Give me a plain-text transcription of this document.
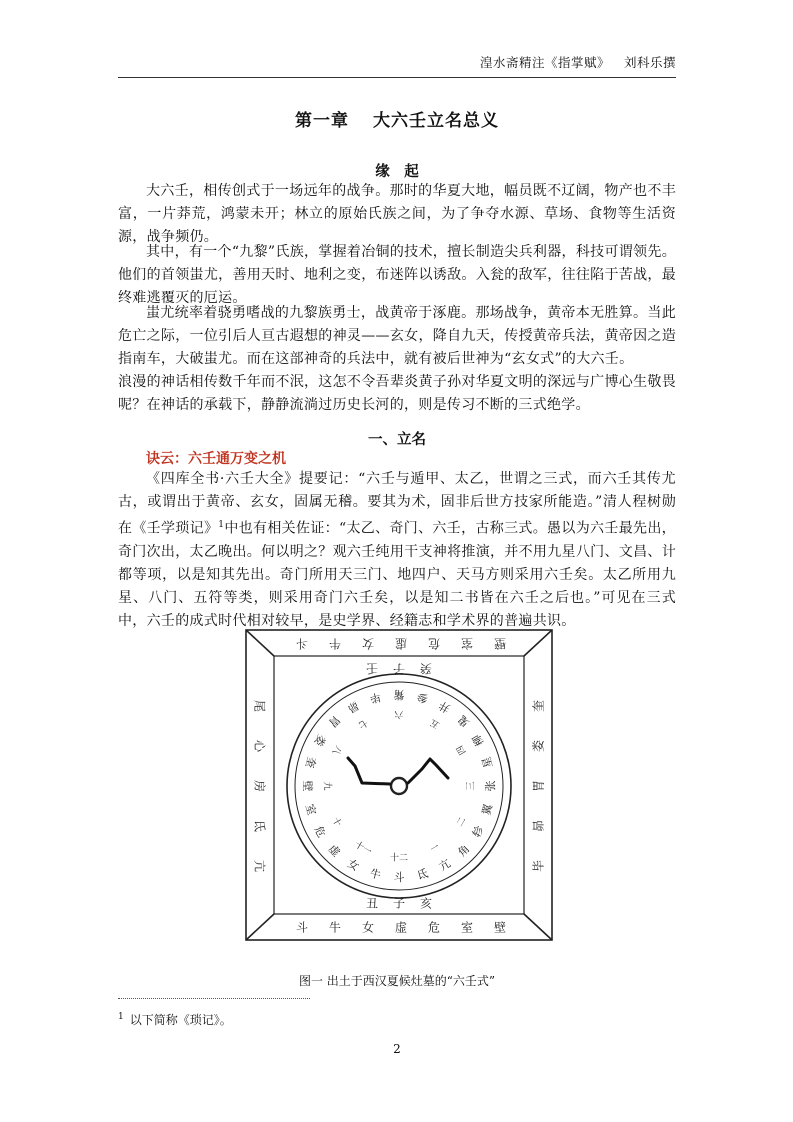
湟水斋精注《指掌赋》 刘科乐撰
第一章 大六壬立名总义
缘　起

大六壬，相传创式于一场远年的战争。那时的华夏大地，幅员既不辽阔，物产也不丰富，一片莽荒，鸿蒙未开；林立的原始氏族之间，为了争夺水源、草场、食物等生活资源，战争频仍。

其中，有一个“九黎”氏族，掌握着冶铜的技术，擅长制造尖兵利器，科技可谓领先。他们的首领蚩尤，善用天时、地利之变，布迷阵以诱敌。入瓮的敌军，往往陷于苦战，最终难逃覆灭的厄运。

蚩尤统率着骁勇嗜战的九黎族勇士，战黄帝于涿鹿。那场战争，黄帝本无胜算。当此危亡之际，一位引后人亘古遐想的神灵——玄女，降自九天，传授黄帝兵法，黄帝因之造指南车，大破蚩尤。而在这部神奇的兵法中，就有被后世神为“玄女式”的大六壬。

浪漫的神话相传数千年而不泯，这怎不令吾辈炎黄子孙对华夏文明的深远与广博心生敬畏呢？在神话的承载下，静静流淌过历史长河的，则是传习不断的三式绝学。

一、立名
诀云：六壬通万变之机

《四库全书·六壬大全》提要记：“六壬与遁甲、太乙，世谓之三式，而六壬其传尤古，或谓出于黄帝、玄女，固属无稽。要其为术，固非后世方技家所能造。”清人程树勋在《壬学琐记》$^1$中也有相关佐证：“太乙、奇门、六壬，古称三式。愚以为六壬最先出，奇门次出，太乙晚出。何以明之？观六壬纯用干支神将推演，并不用九星八门、文昌、计都等项，以是知其先出。奇门所用天三门、地四户、天马方则采用六壬矣。太乙所用九星、八门、五符等类，则采用奇门六壬矣，以是知二书皆在六壬之后也。”可见在三式中，六壬的成式时代相对较早，是史学界、经籍志和学术界的普遍共识。

斗 牛 女 虚 危 室 壁
斗 牛 女 虚 危 室 壁
尾
心
房
氐
亢
奎
娄
胃
昴
毕
壬 子 癸
丑 子 亥
斗
牛
女
虚
危
室
壁
奎
娄
胃
昴
毕 觜 参
井
鬼
柳
星
张
翼
轸
角
亢
氐
十二
十一
十
九
八
七
六
五
四
三
二
一
图一 出土于西汉夏候灶墓的“六壬式”
$^1$ 以下简称《琐记》。
2
